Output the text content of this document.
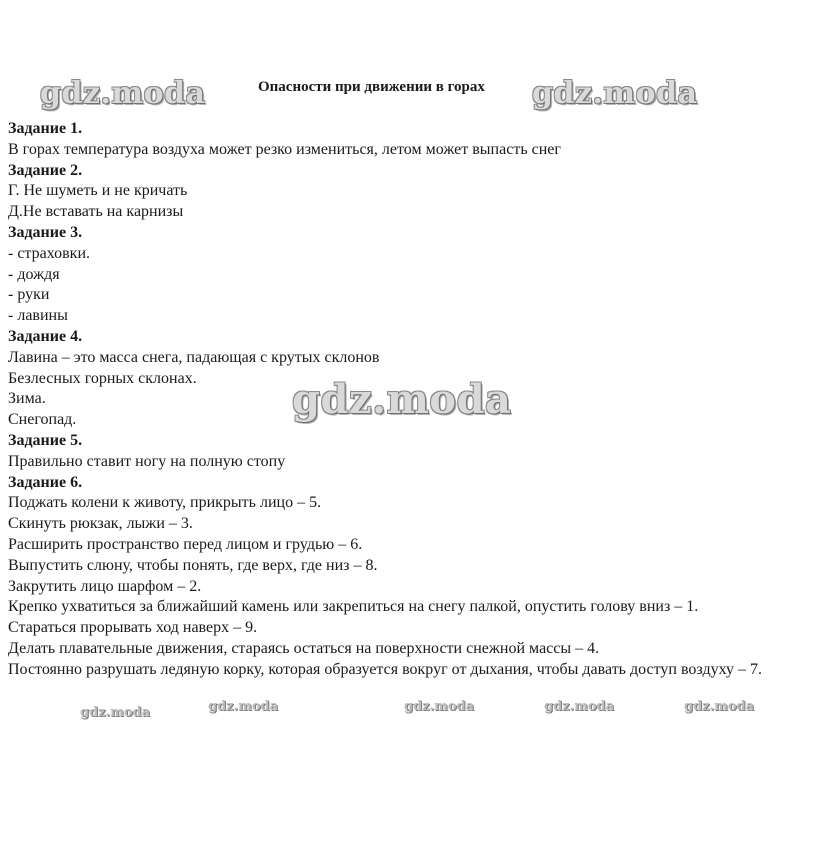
Опасности при движении в горах
Задание 1.
В горах температура воздуха может резко измениться, летом может выпасть снег
Задание 2.
Г. Не шуметь и не кричать
Д.Не вставать на карнизы
Задание 3.
- страховки.
- дождя
- руки
- лавины
Задание 4.
Лавина – это масса снега, падающая с крутых склонов
Безлесных горных склонах.
Зима.
Снегопад.
Задание 5.
Правильно ставит ногу на полную стопу
Задание 6.
Поджать колени к животу, прикрыть лицо – 5.
Скинуть рюкзак, лыжи – 3.
Расширить пространство перед лицом и грудью – 6.
Выпустить слюну, чтобы понять, где верх, где низ – 8.
Закрутить лицо шарфом – 2.
Крепко ухватиться за ближайший камень или закрепиться на снегу палкой, опустить голову вниз – 1.
Стараться прорывать ход наверх – 9.
Делать плавательные движения, стараясь остаться на поверхности снежной массы – 4.
Постоянно разрушать ледяную корку, которая образуется вокруг от дыхания, чтобы давать доступ воздуху – 7.
gdz.moda	gdz.moda
gdz.moda
gdz.moda	gdz.moda	gdz.moda	gdz.moda	gdz.moda
